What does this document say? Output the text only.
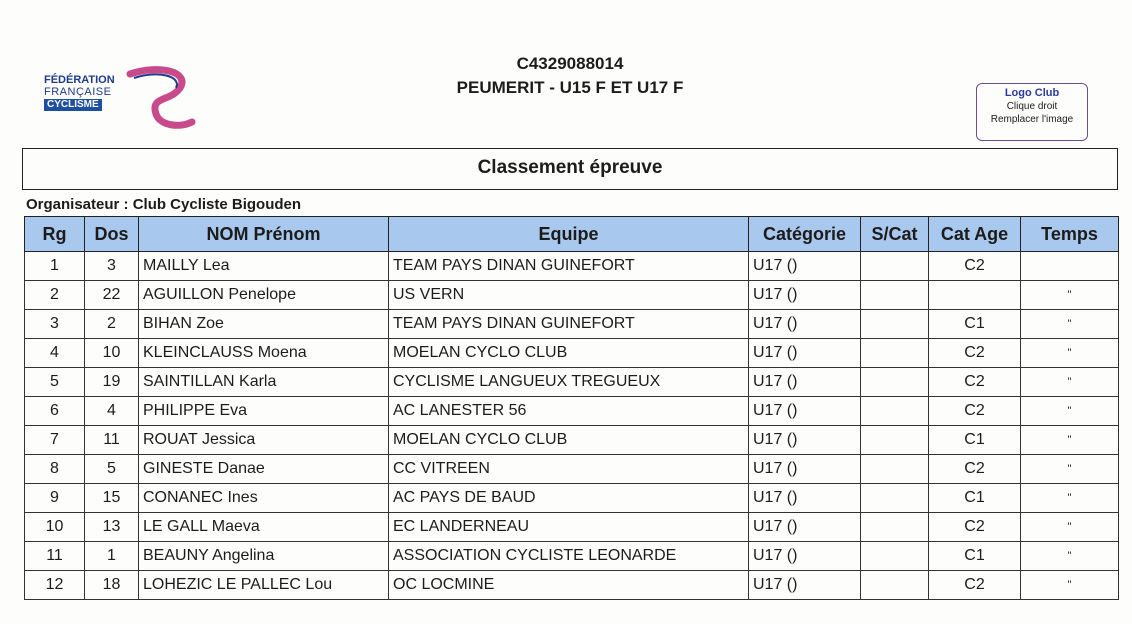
FÉDÉRATION
FRANÇAISE
CYCLISME
C4329088014
PEUMERIT - U15 F ET U17 F	Logo Club
Clique droit
Remplacer l'image
Classement épreuve
Organisateur : Club Cycliste Bigouden
Rg	Dos	NOM Prénom	Equipe	Catégorie	S/Cat	Cat Age	Temps
1	3	MAILLY Lea	TEAM PAYS DINAN GUINEFORT	U17 ()		C2	
2	22	AGUILLON Penelope	US VERN	U17 ()			"
3	2	BIHAN Zoe	TEAM PAYS DINAN GUINEFORT	U17 ()		C1	"
4	10	KLEINCLAUSS Moena	MOELAN CYCLO CLUB	U17 ()		C2	"
5	19	SAINTILLAN Karla	CYCLISME LANGUEUX TREGUEUX	U17 ()		C2	"
6	4	PHILIPPE Eva	AC LANESTER 56	U17 ()		C2	"
7	11	ROUAT Jessica	MOELAN CYCLO CLUB	U17 ()		C1	"
8	5	GINESTE Danae	CC VITREEN	U17 ()		C2	"
9	15	CONANEC Ines	AC PAYS DE BAUD	U17 ()		C1	"
10	13	LE GALL Maeva	EC LANDERNEAU	U17 ()		C2	"
11	1	BEAUNY Angelina	ASSOCIATION CYCLISTE LEONARDE	U17 ()		C1	"
12	18	LOHEZIC LE PALLEC Lou	OC LOCMINE	U17 ()		C2	"
